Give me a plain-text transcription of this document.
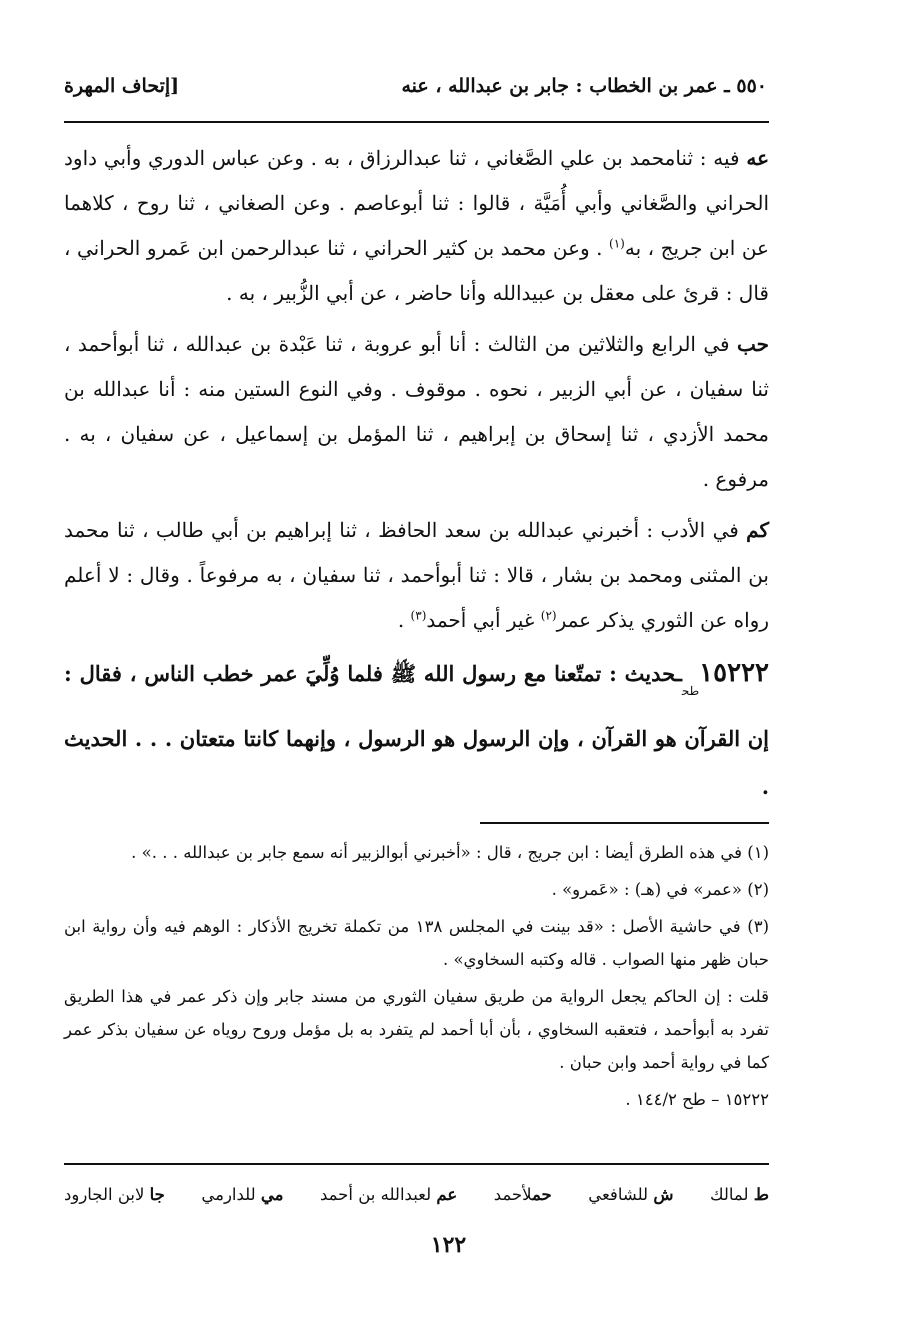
٥٥٠ ـ عمر بن الخطاب : جابر بن عبدالله ، عنه
[إتحاف المهرة

عه فيه : ثنامحمد بن علي الصَّغاني ، ثنا عبدالرزاق ، به . وعن عباس الدوري وأبي داود الحراني والصَّغاني وأبي أُمَيَّة ، قالوا : ثنا أبوعاصم . وعن الصغاني ، ثنا روح ، كلاهما عن ابن جريج ، به$^{(١)}$ . وعن محمد بن كثير الحراني ، ثنا عبدالرحمن ابن عَمرو الحراني ، قال : قرئ على معقل بن عبيدالله وأنا حاضر ، عن أبي الزُّبير ، به .

حب في الرابع والثلاثين من الثالث : أنا أبو عروبة ، ثنا عَبْدة بن عبدالله ، ثنا أبوأحمد ، ثنا سفيان ، عن أبي الزبير ، نحوه . موقوف . وفي النوع الستين منه : أنا عبدالله بن محمد الأزدي ، ثنا إسحاق بن إبراهيم ، ثنا المؤمل بن إسماعيل ، عن سفيان ، به . مرفوع .

كم في الأدب : أخبرني عبدالله بن سعد الحافظ ، ثنا إبراهيم بن أبي طالب ، ثنا محمد بن المثنى ومحمد بن بشار ، قالا : ثنا أبوأحمد ، ثنا سفيان ، به مرفوعاً . وقال : لا أعلم رواه عن الثوري يذكر عمر$^{(٢)}$ غير أبي أحمد$^{(٣)}$ .

$١٥٢٢٢_{طح}ـحديث$ : تمتّعنا مع رسول الله ﷺ فلما وُلِّيَ عمر خطب الناس ، فقال : إن القرآن هو القرآن ، وإن الرسول هو الرسول ، وإنهما كانتا متعتان . . . الحديث .

(١) في هذه الطرق أيضا : ابن جريج ، قال : «أخبرني أبوالزبير أنه سمع جابر بن عبدالله . . .» .

(٢) «عمر» في (هـ) : «عَمرو» .

(٣) في حاشية الأصل : «قد بينت في المجلس ١٣٨ من تكملة تخريج الأذكار : الوهم فيه وأن رواية ابن حبان ظهر منها الصواب . قاله وكتبه السخاوي» .

قلت : إن الحاكم يجعل الرواية من طريق سفيان الثوري من مسند جابر وإن ذكر عمر في هذا الطريق تفرد به أبوأحمد ، فتعقبه السخاوي ، بأن أبا أحمد لم يتفرد به بل مؤمل وروح روياه عن سفيان بذكر عمر كما في رواية أحمد وابن حبان .

١٥٢٢٢ – طح ١٤٤/٢ .

ط لمالك
ش للشافعي
حملأحمد
عم لعبدالله بن أحمد
مي للدارمي
جا لابن الجارود
١٢٢
